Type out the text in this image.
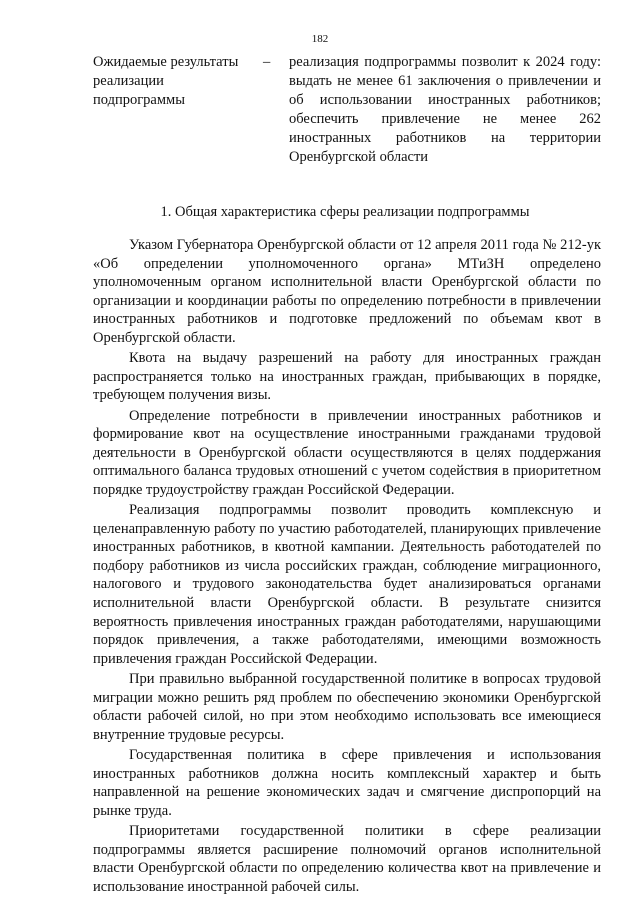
182
Ожидаемые результаты
реализации
подпрограммы
– реализация подпрограммы позволит к 2024 году:

выдать не менее 61 заключения о привлечении и об использовании иностранных работников;

обеспечить привлечение не менее 262 иностранных работников на территории Оренбургской области

1. Общая характеристика сферы реализации подпрограммы

Указом Губернатора Оренбургской области от 12 апреля 2011 года № 212-ук «Об определении уполномоченного органа» МТиЗН определено уполномоченным органом исполнительной власти Оренбургской области по организации и координации работы по определению потребности в привлечении иностранных работников и подготовке предложений по объемам квот в Оренбургской области.

Квота на выдачу разрешений на работу для иностранных граждан распространяется только на иностранных граждан, прибывающих в порядке, требующем получения визы.

Определение потребности в привлечении иностранных работников и формирование квот на осуществление иностранными гражданами трудовой деятельности в Оренбургской области осуществляются в целях поддержания оптимального баланса трудовых отношений с учетом содействия в приоритетном порядке трудоустройству граждан Российской Федерации.

Реализация подпрограммы позволит проводить комплексную и целенаправленную работу по участию работодателей, планирующих привлечение иностранных работников, в квотной кампании. Деятельность работодателей по подбору работников из числа российских граждан, соблюдение миграционного, налогового и трудового законодательства будет анализироваться органами исполнительной власти Оренбургской области. В результате снизится вероятность привлечения иностранных граждан работодателями, нарушающими порядок привлечения, а также работодателями, имеющими возможность привлечения граждан Российской Федерации.

При правильно выбранной государственной политике в вопросах трудовой миграции можно решить ряд проблем по обеспечению экономики Оренбургской области рабочей силой, но при этом необходимо использовать все имеющиеся внутренние трудовые ресурсы.

Государственная политика в сфере привлечения и использования иностранных работников должна носить комплексный характер и быть направленной на решение экономических задач и смягчение диспропорций на рынке труда.

Приоритетами государственной политики в сфере реализации подпрограммы является расширение полномочий органов исполнительной власти Оренбургской области по определению количества квот на привлечение и использование иностранной рабочей силы.
